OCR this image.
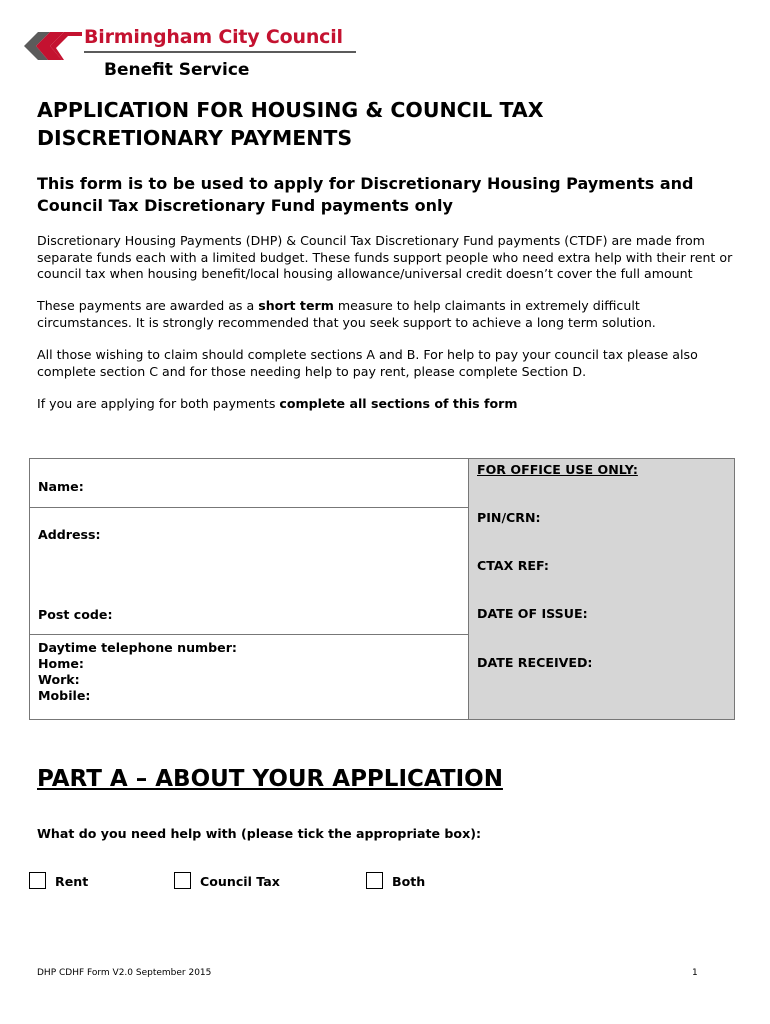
Birmingham City Council
Benefit Service
APPLICATION FOR HOUSING & COUNCIL TAX DISCRETIONARY PAYMENTS

This form is to be used to apply for Discretionary Housing Payments and Council Tax Discretionary Fund payments only

Discretionary Housing Payments (DHP) & Council Tax Discretionary Fund payments (CTDF) are made from separate funds each with a limited budget. These funds support people who need extra help with their rent or council tax when housing benefit/local housing allowance/universal credit doesn’t cover the full amount

These payments are awarded as a short term measure to help claimants in extremely difficult circumstances. It is strongly recommended that you seek support to achieve a long term solution.

All those wishing to claim should complete sections A and B. For help to pay your council tax please also complete section C and for those needing help to pay rent, please complete Section D.

If you are applying for both payments complete all sections of this form

Name:
Address:
Post code:
Daytime telephone number:
Home:
Work:
Mobile:
FOR OFFICE USE ONLY:
PIN/CRN:
CTAX REF:
DATE OF ISSUE:
DATE RECEIVED:
PART A – ABOUT YOUR APPLICATION

What do you need help with (please tick the appropriate box):

Rent	Council Tax	Both
DHP CDHF Form V2.0 September 2015	1
